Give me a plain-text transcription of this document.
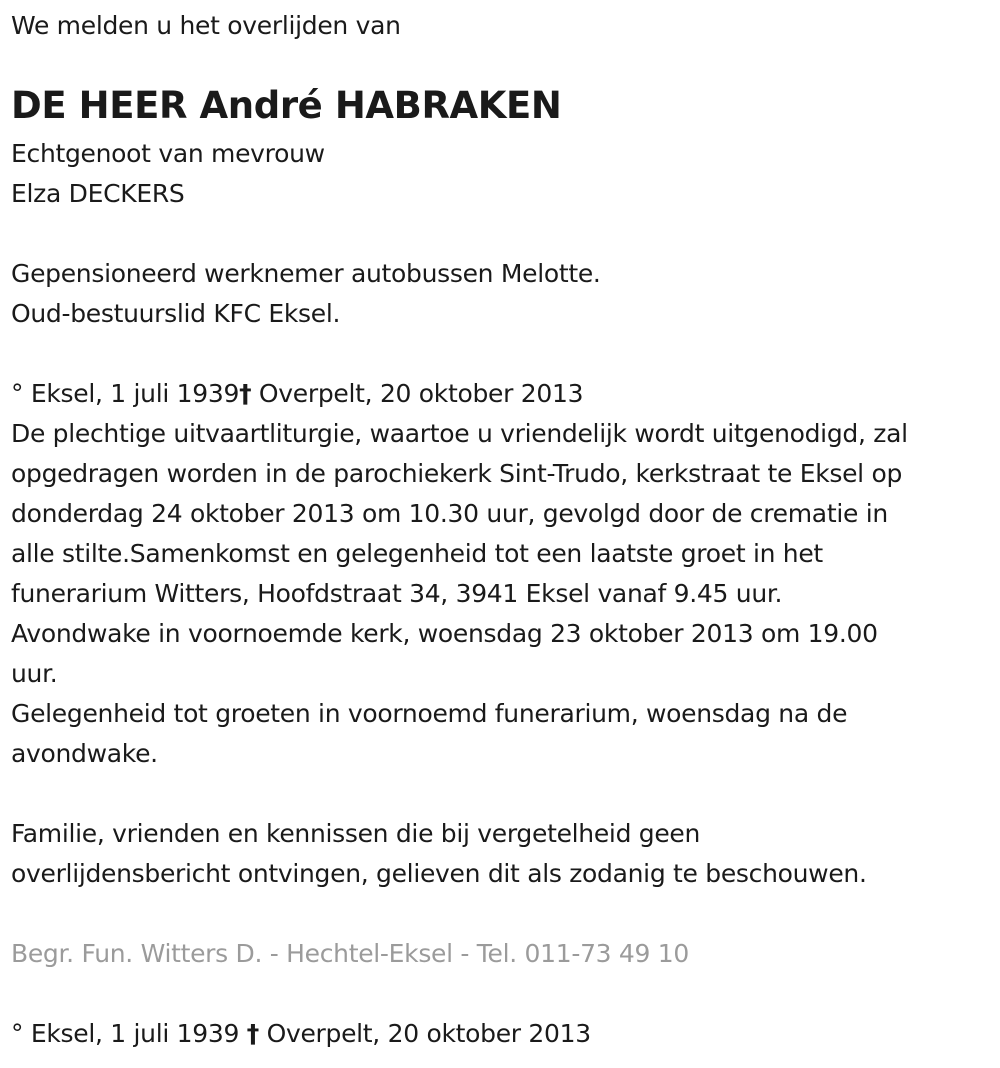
We melden u het overlijden van
DE HEER André HABRAKEN
Echtgenoot van mevrouw
Elza DECKERS
Gepensioneerd werknemer autobussen Melotte.
Oud-bestuurslid KFC Eksel.
° Eksel, 1 juli 1939† Overpelt, 20 oktober 2013
De plechtige uitvaartliturgie, waartoe u vriendelijk wordt uitgenodigd, zal
opgedragen worden in de parochiekerk Sint-Trudo, kerkstraat te Eksel op
donderdag 24 oktober 2013 om 10.30 uur, gevolgd door de crematie in
alle stilte.Samenkomst en gelegenheid tot een laatste groet in het
funerarium Witters, Hoofdstraat 34, 3941 Eksel vanaf 9.45 uur.
Avondwake in voornoemde kerk, woensdag 23 oktober 2013 om 19.00
uur.
Gelegenheid tot groeten in voornoemd funerarium, woensdag na de
avondwake.
Familie, vrienden en kennissen die bij vergetelheid geen
overlijdensbericht ontvingen, gelieven dit als zodanig te beschouwen.
Begr. Fun. Witters D. - Hechtel-Eksel - Tel. 011-73 49 10
° Eksel, 1 juli 1939 † Overpelt, 20 oktober 2013
